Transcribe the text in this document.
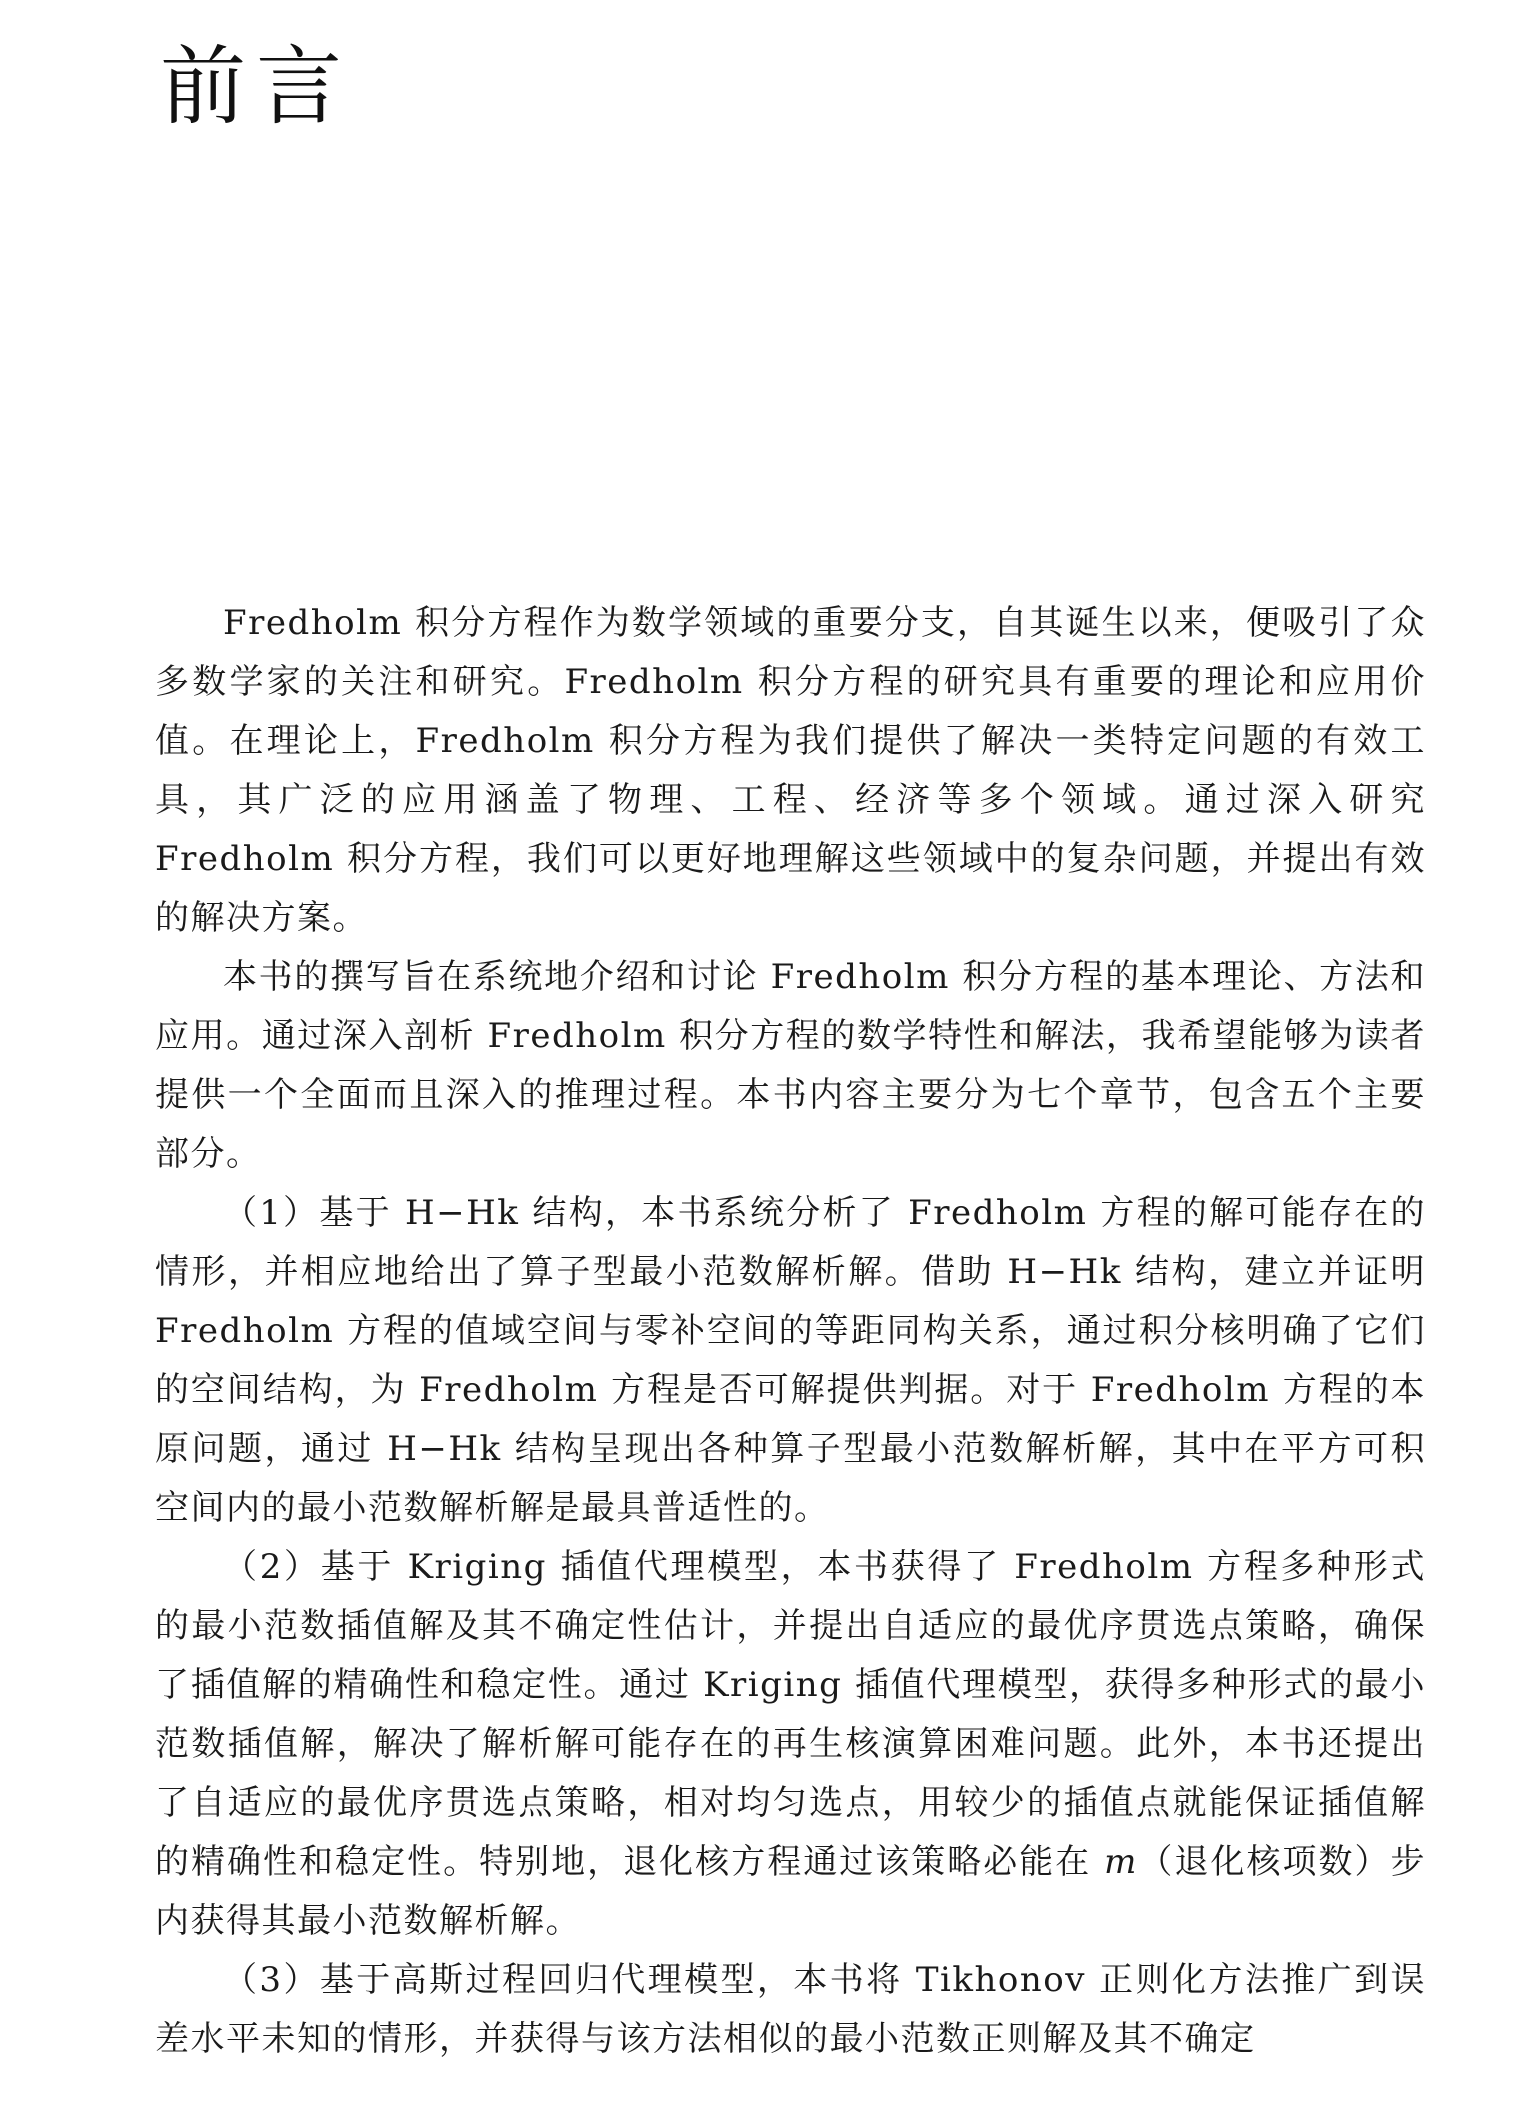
前言

Fredholm 积分方程作为数学领域的重要分支，自其诞生以来，便吸引了众多数学家的关注和研究。Fredholm 积分方程的研究具有重要的理论和应用价值。在理论上，Fredholm 积分方程为我们提供了解决一类特定问题的有效工具，其广泛的应用涵盖了物理、工程、经济等多个领域。通过深入研究 Fredholm 积分方程，我们可以更好地理解这些领域中的复杂问题，并提出有效的解决方案。

本书的撰写旨在系统地介绍和讨论 Fredholm 积分方程的基本理论、方法和应用。通过深入剖析 Fredholm 积分方程的数学特性和解法，我希望能够为读者提供一个全面而且深入的推理过程。本书内容主要分为七个章节，包含五个主要部分。

（1）基于 H−Hk 结构，本书系统分析了 Fredholm 方程的解可能存在的情形，并相应地给出了算子型最小范数解析解。借助 H−Hk 结构，建立并证明 Fredholm 方程的值域空间与零补空间的等距同构关系，通过积分核明确了它们的空间结构，为 Fredholm 方程是否可解提供判据。对于 Fredholm 方程的本原问题，通过 H−Hk 结构呈现出各种算子型最小范数解析解，其中在平方可积空间内的最小范数解析解是最具普适性的。

（2）基于 Kriging 插值代理模型，本书获得了 Fredholm 方程多种形式的最小范数插值解及其不确定性估计，并提出自适应的最优序贯选点策略，确保了插值解的精确性和稳定性。通过 Kriging 插值代理模型，获得多种形式的最小范数插值解，解决了解析解可能存在的再生核演算困难问题。此外，本书还提出了自适应的最优序贯选点策略，相对均匀选点，用较少的插值点就能保证插值解的精确性和稳定性。特别地，退化核方程通过该策略必能在 m（退化核项数）步内获得其最小范数解析解。

（3）基于高斯过程回归代理模型，本书将 Tikhonov 正则化方法推广到误差水平未知的情形，并获得与该方法相似的最小范数正则解及其不确定
